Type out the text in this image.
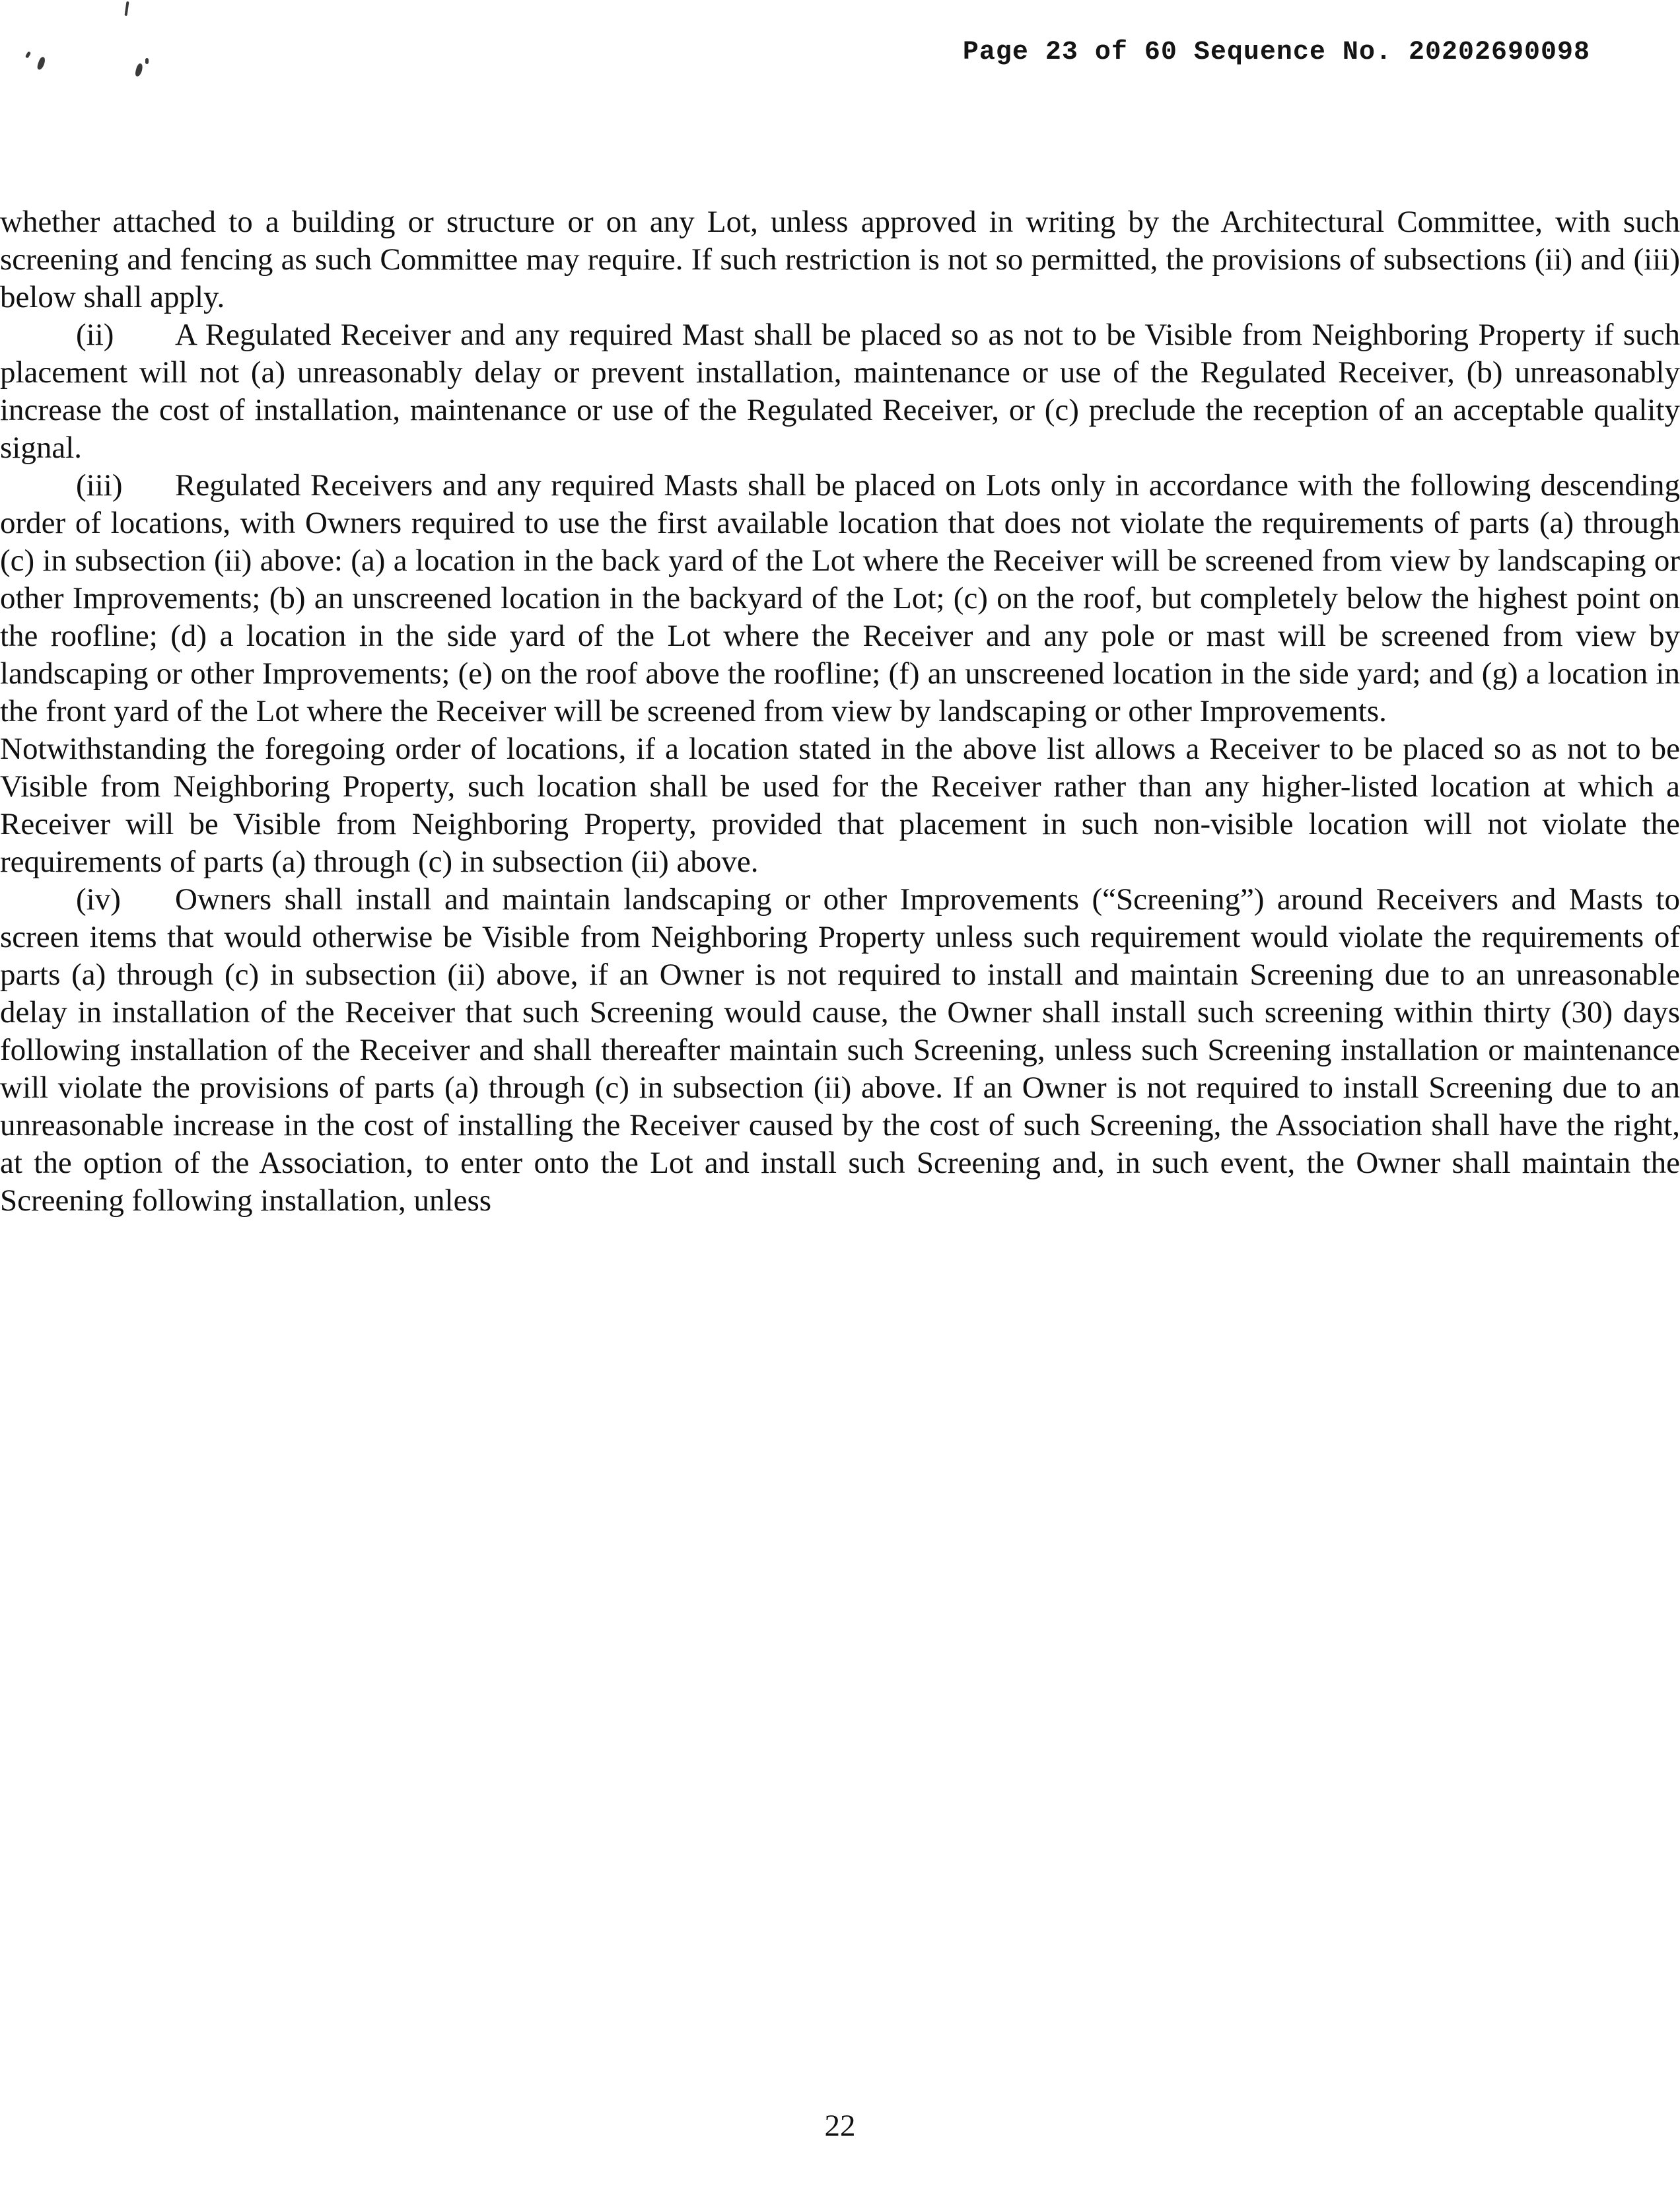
Page 23 of 60 Sequence No. 20202690098

whether attached to a building or structure or on any Lot, unless approved in writing by the Architectural Committee, with such screening and fencing as such Committee may require. If such restriction is not so permitted, the provisions of subsections (ii) and (iii) below shall apply.

(ii) A Regulated Receiver and any required Mast shall be placed so as not to be Visible from Neighboring Property if such placement will not (a) unreasonably delay or prevent installation, maintenance or use of the Regulated Receiver, (b) unreasonably increase the cost of installation, maintenance or use of the Regulated Receiver, or (c) preclude the reception of an acceptable quality signal.

(iii) Regulated Receivers and any required Masts shall be placed on Lots only in accordance with the following descending order of locations, with Owners required to use the first available location that does not violate the requirements of parts (a) through (c) in subsection (ii) above: (a) a location in the back yard of the Lot where the Receiver will be screened from view by landscaping or other Improvements; (b) an unscreened location in the backyard of the Lot; (c) on the roof, but completely below the highest point on the roofline; (d) a location in the side yard of the Lot where the Receiver and any pole or mast will be screened from view by landscaping or other Improvements; (e) on the roof above the roofline; (f) an unscreened location in the side yard; and (g) a location in the front yard of the Lot where the Receiver will be screened from view by landscaping or other Improvements.

Notwithstanding the foregoing order of locations, if a location stated in the above list allows a Receiver to be placed so as not to be Visible from Neighboring Property, such location shall be used for the Receiver rather than any higher-listed location at which a Receiver will be Visible from Neighboring Property, provided that placement in such non-visible location will not violate the requirements of parts (a) through (c) in subsection (ii) above.

(iv) Owners shall install and maintain landscaping or other Improvements (“Screening”) around Receivers and Masts to screen items that would otherwise be Visible from Neighboring Property unless such requirement would violate the requirements of parts (a) through (c) in subsection (ii) above, if an Owner is not required to install and maintain Screening due to an unreasonable delay in installation of the Receiver that such Screening would cause, the Owner shall install such screening within thirty (30) days following installation of the Receiver and shall thereafter maintain such Screening, unless such Screening installation or maintenance will violate the provisions of parts (a) through (c) in subsection (ii) above. If an Owner is not required to install Screening due to an unreasonable increase in the cost of installing the Receiver caused by the cost of such Screening, the Association shall have the right, at the option of the Association, to enter onto the Lot and install such Screening and, in such event, the Owner shall maintain the Screening following installation, unless

22
